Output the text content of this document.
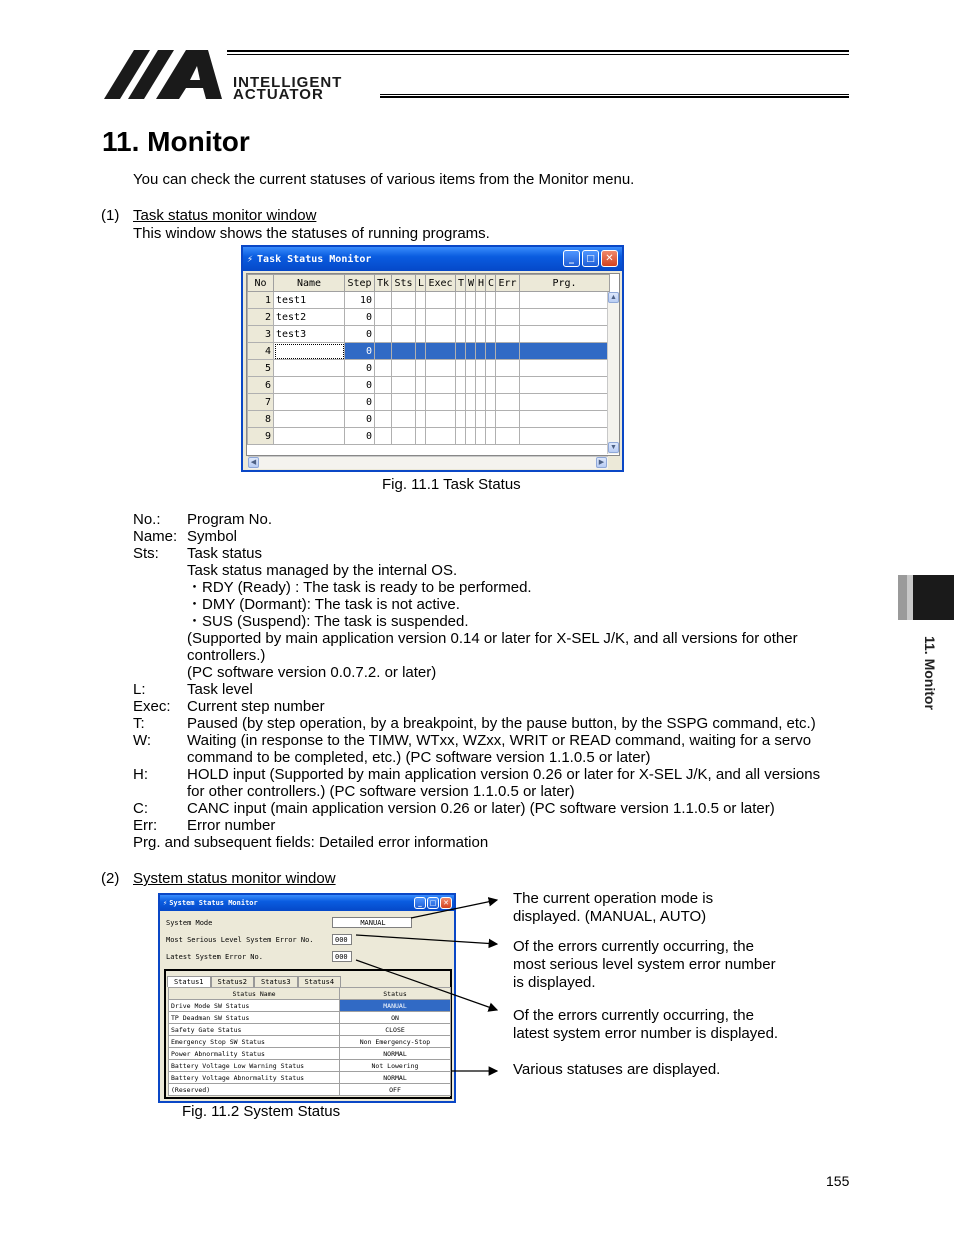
INTELLIGENT
ACTUATOR
11. Monitor
You can check the current statuses of various items from the Monitor menu.
(1) Task status monitor window
This window shows the statuses of running programs.
⚡ Task Status Monitor	_	□	✕
No	Name	Step	Tk	Sts	L	Exec	T	W	H	C	Err	Prg.
1	test1	10										
2	test2	0										
3	test3	0										
4		0										
5		0										
6		0										
7		0										
8		0										
9		0										
▲
▼
◀	▶
Fig. 11.1 Task Status
No.: Program No.
Name: Symbol
Sts: Task status
Task status managed by the internal OS.
・RDY (Ready) : The task is ready to be performed.
・DMY (Dormant): The task is not active.
・SUS (Suspend): The task is suspended.
(Supported by main application version 0.14 or later for X-SEL J/K, and all versions for other
controllers.)
(PC software version 0.0.7.2. or later)
L:	Task level
Exec: Current step number
T:	Paused (by step operation, by a breakpoint, by the pause button, by the SSPG command, etc.)
W: Waiting (in response to the TIMW, WTxx, WZxx, WRIT or READ command, waiting for a servo
command to be completed, etc.) (PC software version 1.1.0.5 or later)
H:	HOLD input (Supported by main application version 0.26 or later for X-SEL J/K, and all versions
for other controllers.) (PC software version 1.1.0.5 or later)
C:	CANC input (main application version 0.26 or later) (PC software version 1.1.0.5 or later)
Err: Error number
Prg. and subsequent fields: Detailed error information
(2) System status monitor window
⚡ System Status Monitor	_	□ ✕
System Mode	MANUAL
Most Serious Level System Error No.	000
Latest System Error No.	000
Status1	Status2	Status3	Status4
Status Name	Status
Drive Mode SW Status	MANUAL
TP Deadman SW Status	ON
Safety Gate Status	CLOSE
Emergency Stop SW Status	Non Emergency-Stop
Power Abnormality Status	NORMAL
Battery Voltage Low Warning Status	Not Lowering
Battery Voltage Abnormality Status	NORMAL
(Reserved)	OFF
Fig. 11.2 System Status
The current operation mode is
displayed. (MANUAL, AUTO)
Of the errors currently occurring, the
most serious level system error number
is displayed.
Of the errors currently occurring, the
latest system error number is displayed.
Various statuses are displayed.
11. Monitor
155
